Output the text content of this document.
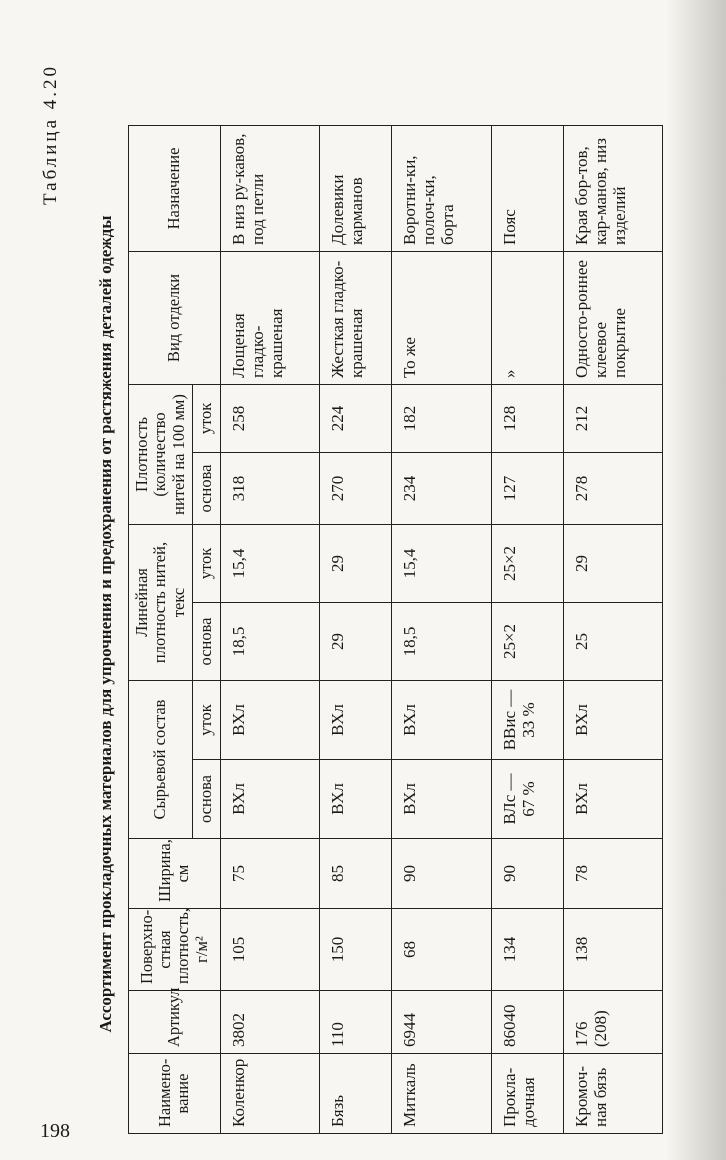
198
Таблица 4.20
Ассортимент прокладочных материалов для упрочнения и предохранения от растяжения деталей одежды
Наимено-вание	Артикул	Поверхно-стная плотность, г/м²	Ширина, см	Сырьевой состав		Линейная плотность нитей, текс		Плотность (количество нитей на 100 мм)		Вид отделки	Назначение
				основа	уток	основа	уток	основа	уток		
Коленкор	3802	105	75	ВХл	ВХл	18,5	15,4	318	258	Лощеная гладко-крашеная	В низ ру-кавов, под петли
Бязь	110	150	85	ВХл	ВХл	29	29	270	224	Жесткая гладко-крашеная	Долевики карманов
Миткаль	6944	68	90	ВХл	ВХл	18,5	15,4	234	182	То же	Воротни-ки, полоч-ки, борта
Прокла-дочная	86040	134	90	ВЛс — 67 %	ВВис — 33 %	25×2	25×2	127	128	»	Пояс
Кромоч-ная бязь	176 (208)	138	78	ВХл	ВХл	25	29	278	212	Односто-роннее клеевое покрытие	Края бор-тов, кар-манов, низ изделий
